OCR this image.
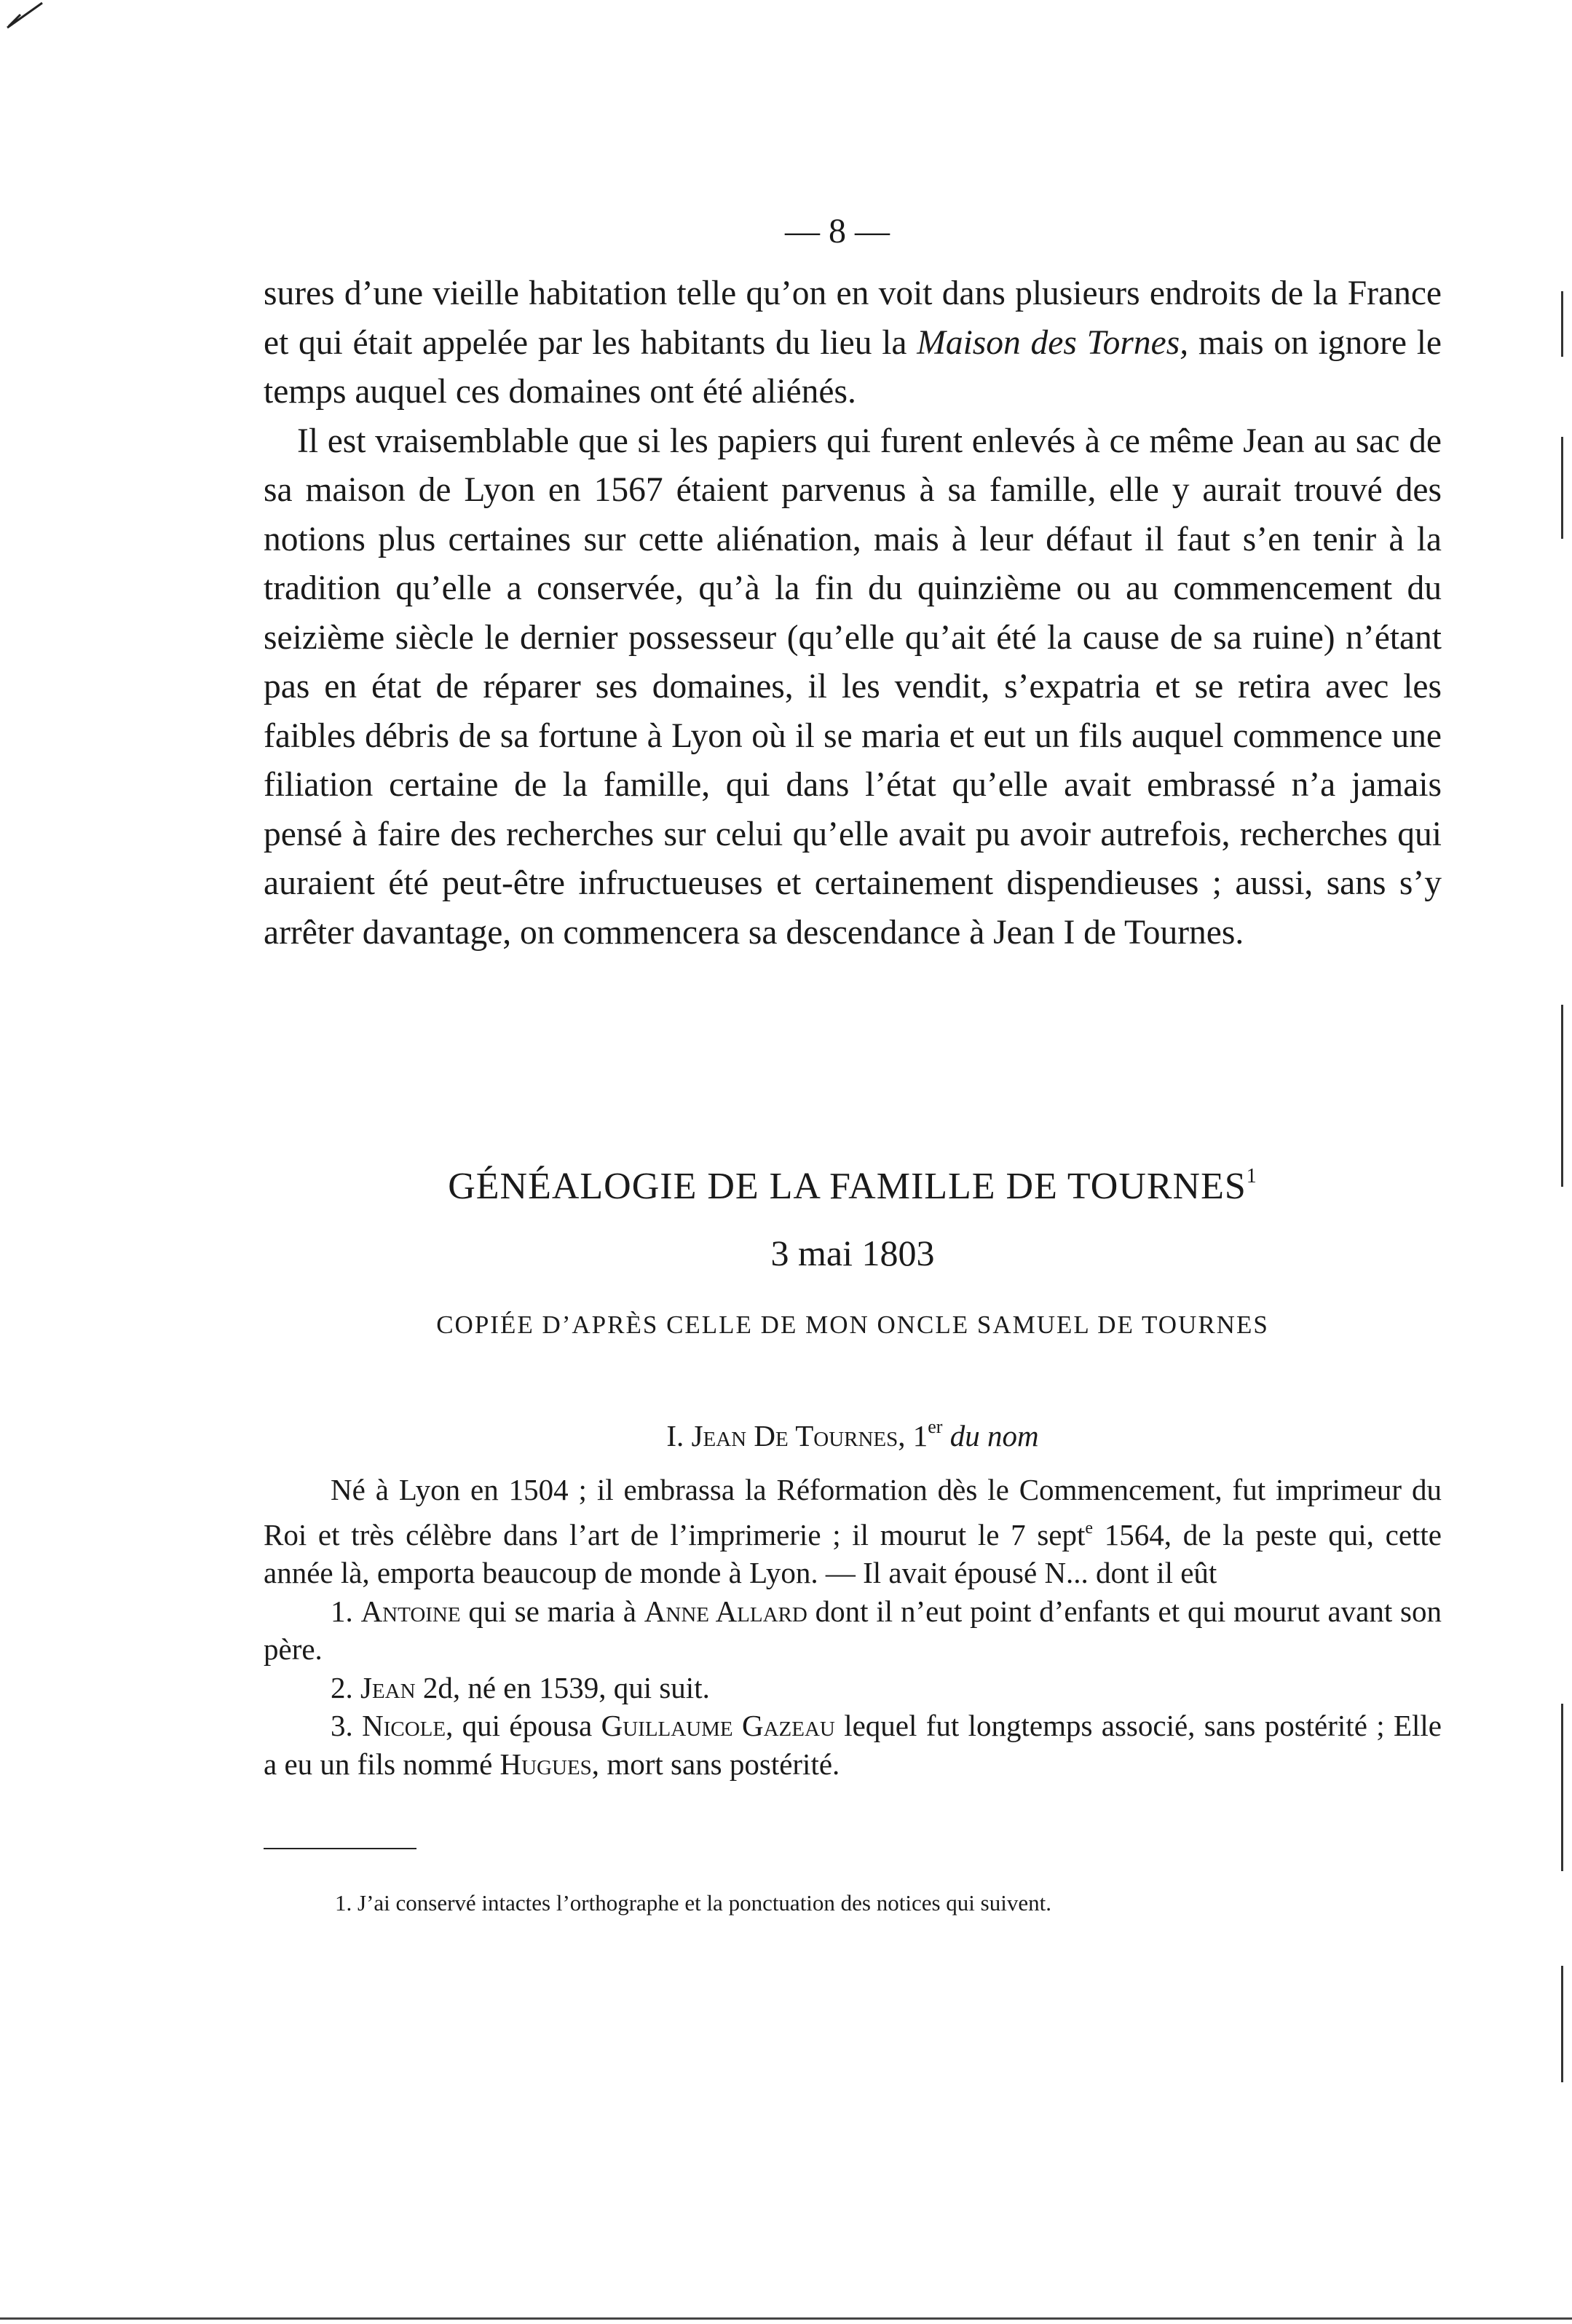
— 8 —

sures d’une vieille habitation telle qu’on en voit dans plusieurs endroits de la France et qui était appelée par les habitants du lieu la Maison des Tornes, mais on ignore le temps auquel ces domaines ont été aliénés.

Il est vraisemblable que si les papiers qui furent enlevés à ce même Jean au sac de sa maison de Lyon en 1567 étaient parvenus à sa famille, elle y aurait trouvé des notions plus certaines sur cette aliénation, mais à leur défaut il faut s’en tenir à la tradition qu’elle a conservée, qu’à la fin du quinzième ou au commencement du seizième siècle le dernier possesseur (qu’elle qu’ait été la cause de sa ruine) n’étant pas en état de réparer ses domaines, il les vendit, s’expatria et se retira avec les faibles débris de sa fortune à Lyon où il se maria et eut un fils auquel commence une filiation certaine de la famille, qui dans l’état qu’elle avait embrassé n’a jamais pensé à faire des recherches sur celui qu’elle avait pu avoir autrefois, recherches qui auraient été peut-être infructueuses et certainement dispendieuses ; aussi, sans s’y arrêter davantage, on commencera sa descendance à Jean I de Tournes.

GÉNÉALOGIE DE LA FAMILLE DE TOURNES$^1$
3 mai 1803
COPIÉE D’APRÈS CELLE DE MON ONCLE SAMUEL DE TOURNES
I. Jean De Tournes, 1er du nom

Né à Lyon en 1504 ; il embrassa la Réformation dès le Commencement, fut imprimeur du Roi et très célèbre dans l’art de l’imprimerie ; il mourut le 7 sept$^e$ 1564, de la peste qui, cette année là, emporta beaucoup de monde à Lyon. — Il avait épousé N... dont il eût

1. Antoine qui se maria à Anne Allard dont il n’eut point d’enfants et qui mourut avant son père.

2. Jean 2d, né en 1539, qui suit.

3. Nicole, qui épousa Guillaume Gazeau lequel fut longtemps associé, sans postérité ; Elle a eu un fils nommé Hugues, mort sans postérité.

1. J’ai conservé intactes l’orthographe et la ponctuation des notices qui suivent.
